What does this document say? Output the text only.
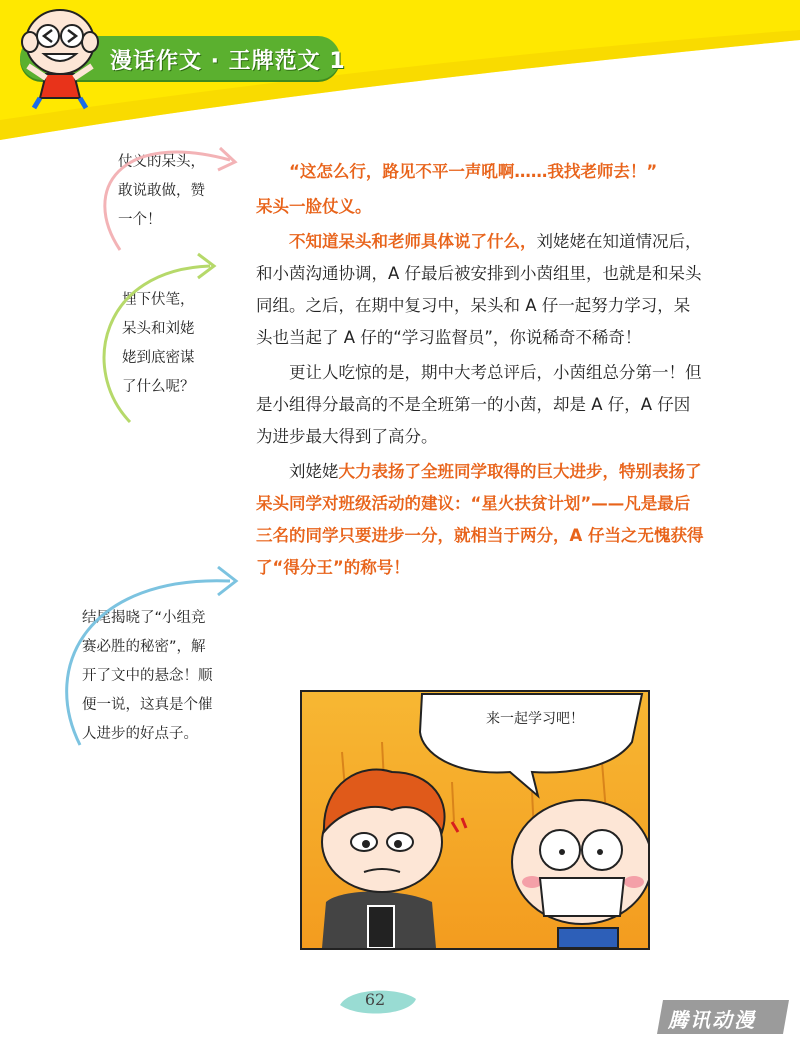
漫话作文 · 王牌范文 1
仗义的呆头，
敢说敢做，赞
一个！
埋下伏笔，
呆头和刘姥
姥到底密谋
了什么呢？
结尾揭晓了“小组竞
赛必胜的秘密”，解
开了文中的悬念！顺
便一说，这真是个催
人进步的好点子。

“这怎么行，路见不平一声吼啊……我找老师去！”

呆头一脸仗义。

不知道呆头和老师具体说了什么，刘姥姥在知道情况后，和小茵沟通协调，A 仔最后被安排到小茵组里，也就是和呆头同组。之后，在期中复习中，呆头和 A 仔一起努力学习，呆头也当起了 A 仔的“学习监督员”，你说稀奇不稀奇！

更让人吃惊的是，期中大考总评后，小茵组总分第一！但是小组得分最高的不是全班第一的小茵，却是 A 仔，A 仔因为进步最大得到了高分。

刘姥姥大力表扬了全班同学取得的巨大进步，特别表扬了呆头同学对班级活动的建议：“星火扶贫计划”——凡是最后三名的同学只要进步一分，就相当于两分，A 仔当之无愧获得了“得分王”的称号！

来一起学习吧！
62
腾讯动漫
